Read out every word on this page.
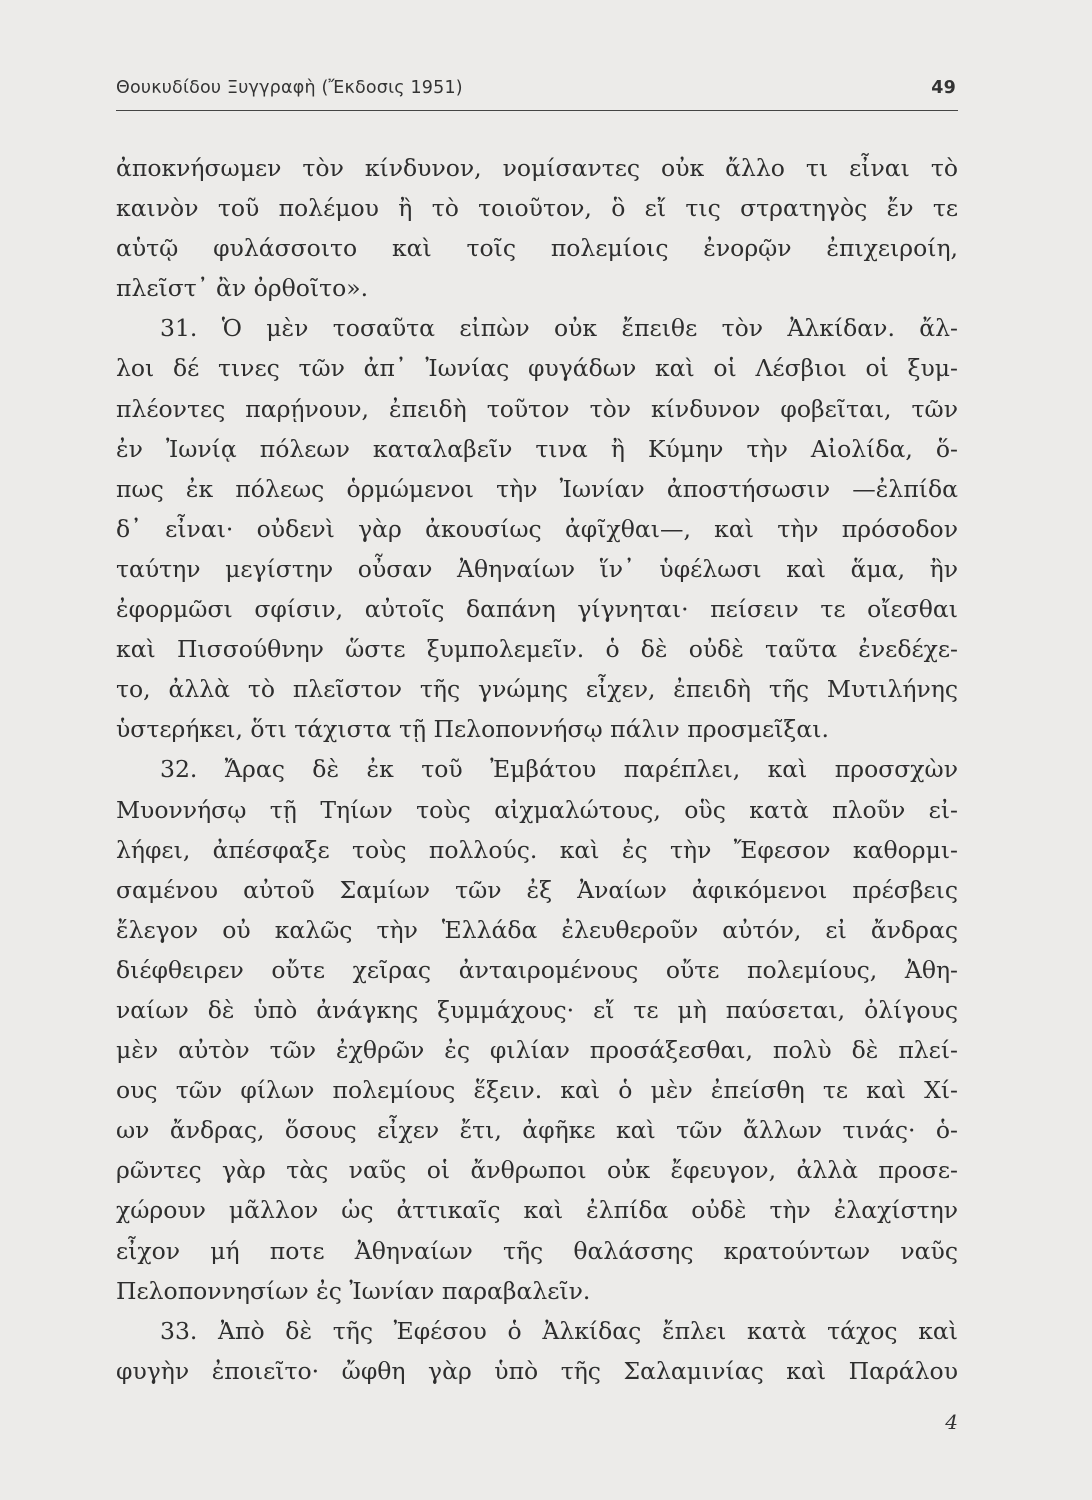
Θουκυδίδου Ξυγγραφὴ (Ἔκδοσις 1951)	49
ἀποκνήσωμεν τὸν κίνδυνον, νομίσαντες οὐκ ἄλλο τι εἶναι τὸ
καινὸν τοῦ πολέμου ἢ τὸ τοιοῦτον, ὃ εἴ τις στρατηγὸς ἔν τε
αὑτῷ φυλάσσοιτο καὶ τοῖς πολεμίοις ἐνορῷν ἐπιχειροίη,
πλεῖστ᾽ ἂν ὀρθοῖτο».
31. Ὁ μὲν τοσαῦτα εἰπὼν οὐκ ἔπειθε τὸν Ἀλκίδαν. ἄλ-
λοι δέ τινες τῶν ἀπ᾽ Ἰωνίας φυγάδων καὶ οἱ Λέσβιοι οἱ ξυμ-
πλέοντες παρῄνουν, ἐπειδὴ τοῦτον τὸν κίνδυνον φοβεῖται, τῶν
ἐν Ἰωνίᾳ πόλεων καταλαβεῖν τινα ἢ Κύμην τὴν Αἰολίδα, ὅ-
πως ἐκ πόλεως ὁρμώμενοι τὴν Ἰωνίαν ἀποστήσωσιν —ἐλπίδα
δ᾽ εἶναι· οὐδενὶ γὰρ ἀκουσίως ἀφῖχθαι—, καὶ τὴν πρόσοδον
ταύτην μεγίστην οὖσαν Ἀθηναίων ἵν᾽ ὑφέλωσι καὶ ἅμα, ἢν
ἐφορμῶσι σφίσιν, αὐτοῖς δαπάνη γίγνηται· πείσειν τε οἴεσθαι
καὶ Πισσούθνην ὥστε ξυμπολεμεῖν. ὁ δὲ οὐδὲ ταῦτα ἐνεδέχε-
το, ἀλλὰ τὸ πλεῖστον τῆς γνώμης εἶχεν, ἐπειδὴ τῆς Μυτιλήνης
ὑστερήκει, ὅτι τάχιστα τῇ Πελοποννήσῳ πάλιν προσμεῖξαι.
32. Ἄρας δὲ ἐκ τοῦ Ἐμβάτου παρέπλει, καὶ προσσχὼν
Μυοννήσῳ τῇ Τηίων τοὺς αἰχμαλώτους, οὓς κατὰ πλοῦν εἰ-
λήφει, ἀπέσφαξε τοὺς πολλούς. καὶ ἐς τὴν Ἔφεσον καθορμι-
σαμένου αὐτοῦ Σαμίων τῶν ἐξ Ἀναίων ἀφικόμενοι πρέσβεις
ἔλεγον οὐ καλῶς τὴν Ἑλλάδα ἐλευθεροῦν αὐτόν, εἰ ἄνδρας
διέφθειρεν οὔτε χεῖρας ἀνταιρομένους οὔτε πολεμίους, Ἀθη-
ναίων δὲ ὑπὸ ἀνάγκης ξυμμάχους· εἴ τε μὴ παύσεται, ὀλίγους
μὲν αὐτὸν τῶν ἐχθρῶν ἐς φιλίαν προσάξεσθαι, πολὺ δὲ πλεί-
ους τῶν φίλων πολεμίους ἕξειν. καὶ ὁ μὲν ἐπείσθη τε καὶ Χί-
ων ἄνδρας, ὅσους εἶχεν ἔτι, ἀφῆκε καὶ τῶν ἄλλων τινάς· ὁ-
ρῶντες γὰρ τὰς ναῦς οἱ ἄνθρωποι οὐκ ἔφευγον, ἀλλὰ προσε-
χώρουν μᾶλλον ὡς ἀττικαῖς καὶ ἐλπίδα οὐδὲ τὴν ἐλαχίστην
εἶχον μή ποτε Ἀθηναίων τῆς θαλάσσης κρατούντων ναῦς
Πελοποννησίων ἐς Ἰωνίαν παραβαλεῖν.
33. Ἀπὸ δὲ τῆς Ἐφέσου ὁ Ἀλκίδας ἔπλει κατὰ τάχος καὶ
φυγὴν ἐποιεῖτο· ὤφθη γὰρ ὑπὸ τῆς Σαλαμινίας καὶ Παράλου
4
